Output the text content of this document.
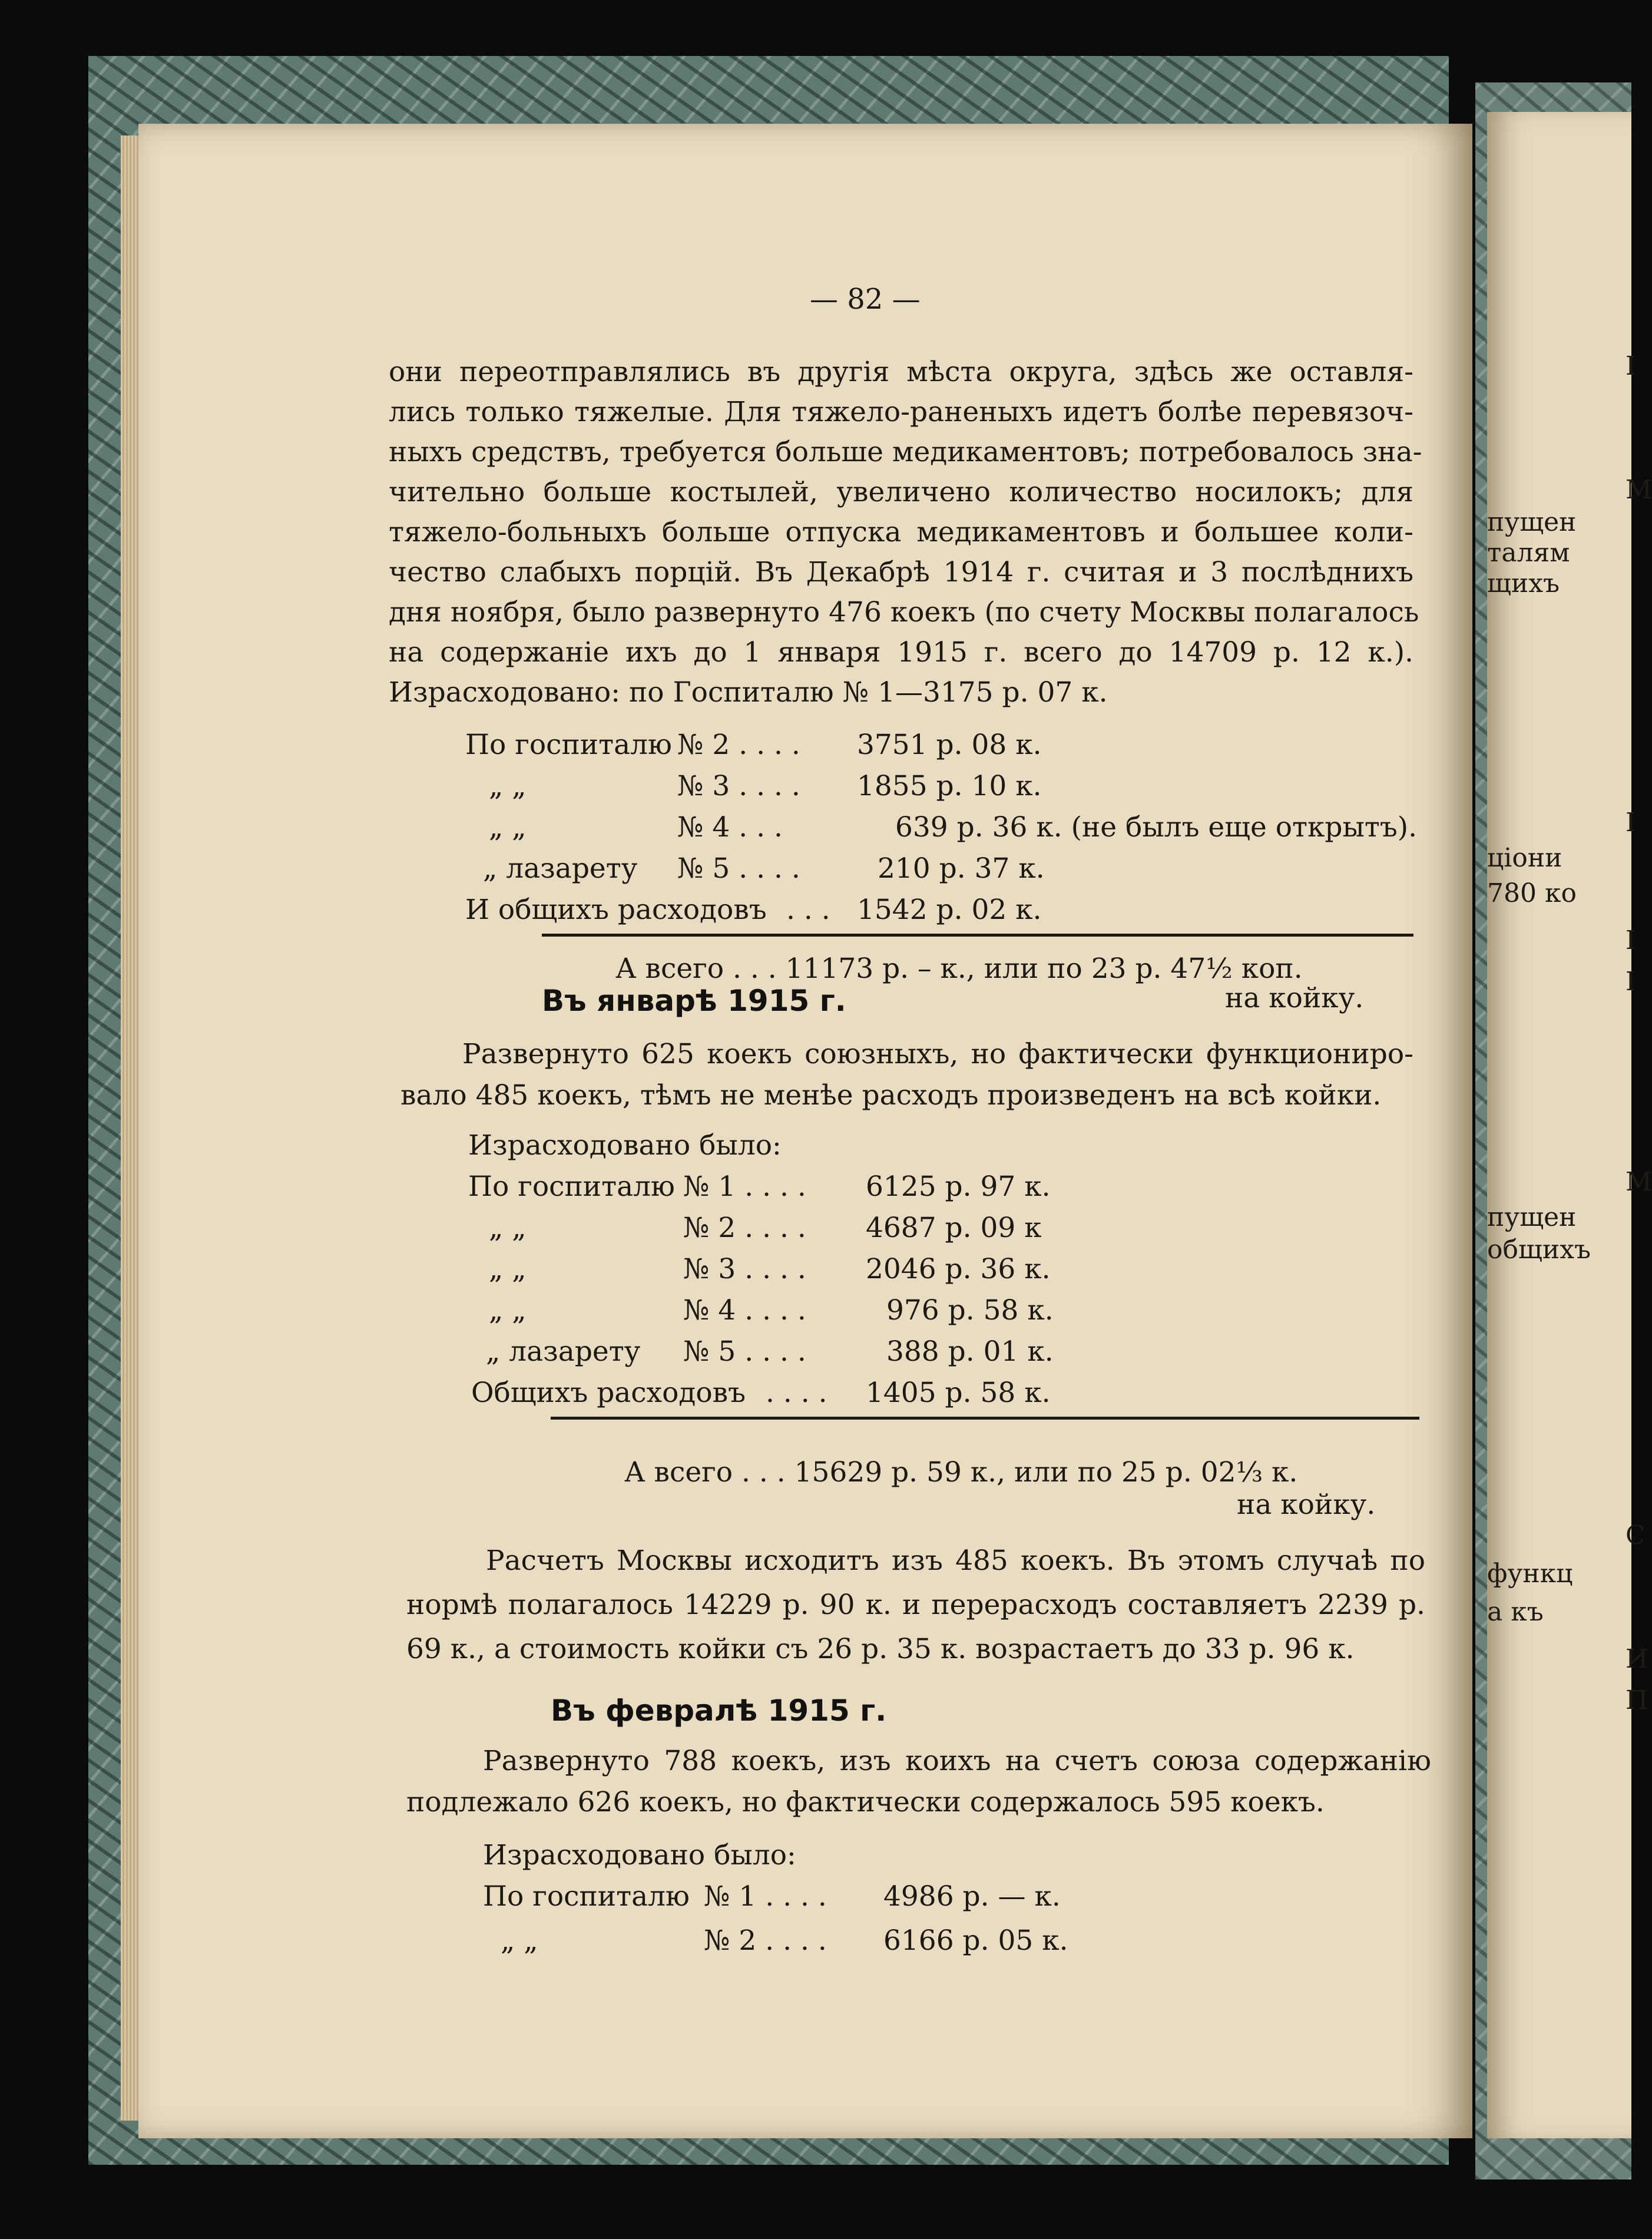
I
М
пущен
талям
щихъ
I
ціони
780 ко
I
I
М
пущен
общихъ
С
функц
а къ
И
П
— 82 —
они переотправлялись въ другія мѣста округа, здѣсь же оставля-
лись только тяжелые. Для тяжело-раненыхъ идетъ болѣе перевязоч-
ныхъ средствъ, требуется больше медикаментовъ; потребовалось зна-
чительно больше костылей, увеличено количество носилокъ; для
тяжело-больныхъ больше отпуска медикаментовъ и большее коли-
чество слабыхъ порцій. Въ Декабрѣ 1914 г. считая и 3 послѣднихъ
дня ноября, было развернуто 476 коекъ (по счету Москвы полагалось
на содержаніе ихъ до 1 января 1915 г. всего до 14709 р. 12 к.).
Израсходовано: по Госпиталю № 1—3175 р. 07 к.
По госпиталю № 2 . . . . 3751 р. 08 к.
„ „	№ 3 . . . . 1855 р. 10 к.
„ „	№ 4 . . .	639 р. 36 к. (не былъ еще открытъ).
„ лазарету № 5 . . . .	210 р. 37 к.
И общихъ расходовъ . . . 1542 р. 02 к.
А всего . . . 11173 р. – к., или по 23 р. 47½ коп.
на койку.
Въ январѣ 1915 г.
Развернуто 625 коекъ союзныхъ, но фактически функциониро-
вало 485 коекъ, тѣмъ не менѣе расходъ произведенъ на всѣ койки.
Израсходовано было:
По госпиталю № 1 . . . . 6125 р. 97 к.
„ „	№ 2 . . . . 4687 р. 09 к
„ „	№ 3 . . . . 2046 р. 36 к.
„ „	№ 4 . . . .	976 р. 58 к.
„ лазарету № 5 . . . .	388 р. 01 к.
Общихъ расходовъ . . . . 1405 р. 58 к.
А всего . . . 15629 р. 59 к., или по 25 р. 02⅓ к.
на койку.
Расчетъ Москвы исходитъ изъ 485 коекъ. Въ этомъ случаѣ по
нормѣ полагалось 14229 р. 90 к. и перерасходъ составляетъ 2239 р.
69 к., а стоимость койки съ 26 р. 35 к. возрастаетъ до 33 р. 96 к.
Въ февралѣ 1915 г.
Развернуто 788 коекъ, изъ коихъ на счетъ союза содержанію
подлежало 626 коекъ, но фактически содержалось 595 коекъ.
Израсходовано было:
По госпиталю № 1 . . . . 4986 р. — к.
„ „	№ 2 . . . . 6166 р. 05 к.
